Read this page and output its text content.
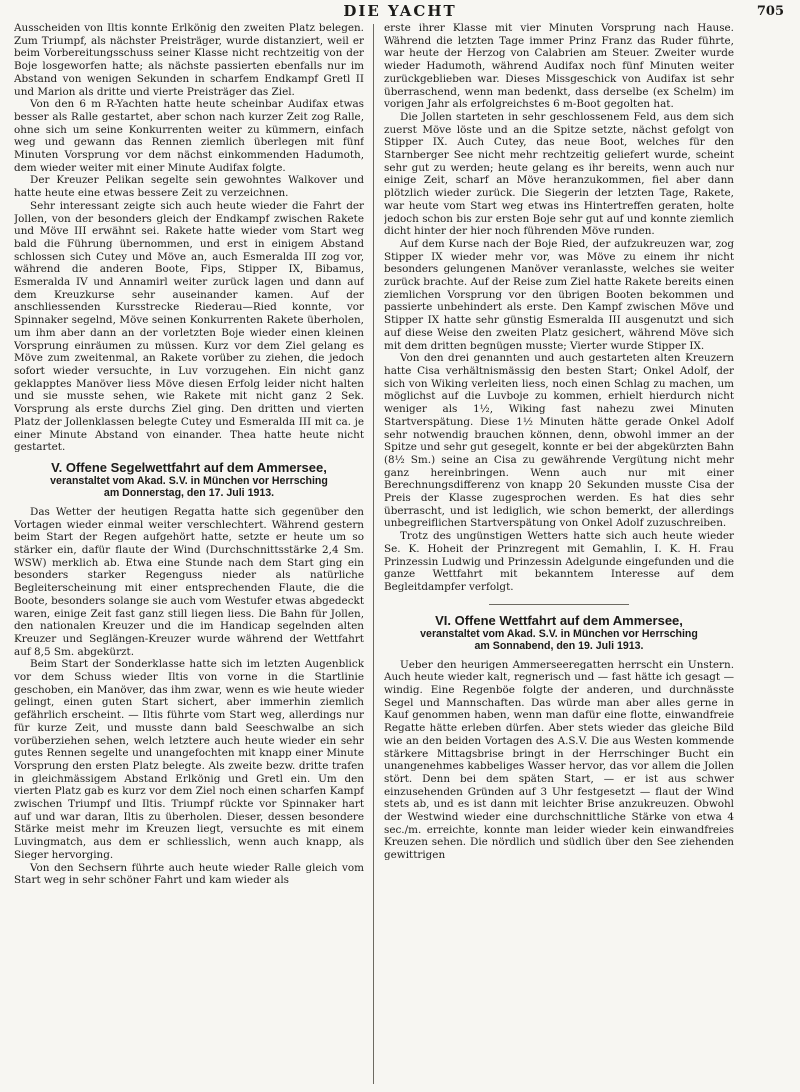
DIE YACHT	705

Ausscheiden von Iltis konnte Erlkönig den zweiten Platz belegen. Zum Triumpf, als nächster Preisträger, wurde distanziert, weil er beim Vorbereitungsschuss seiner Klasse nicht rechtzeitig von der Boje losgeworfen hatte; als nächste passierten ebenfalls nur im Abstand von wenigen Sekunden in scharfem Endkampf Gretl II und Marion als dritte und vierte Preisträger das Ziel.

Von den 6 m R-Yachten hatte heute scheinbar Audifax etwas besser als Ralle gestartet, aber schon nach kurzer Zeit zog Ralle, ohne sich um seine Konkurrenten weiter zu kümmern, einfach weg und gewann das Rennen ziemlich überlegen mit fünf Minuten Vorsprung vor dem nächst einkommenden Hadumoth, dem wieder weiter mit einer Minute Audifax folgte.

Der Kreuzer Pelikan segelte sein gewohntes Walkover und hatte heute eine etwas bessere Zeit zu verzeichnen.

Sehr interessant zeigte sich auch heute wieder die Fahrt der Jollen, von der besonders gleich der Endkampf zwischen Rakete und Möve III erwähnt sei. Rakete hatte wieder vom Start weg bald die Führung übernommen, und erst in einigem Abstand schlossen sich Cutey und Möve an, auch Esmeralda III zog vor, während die anderen Boote, Fips, Stipper IX, Bibamus, Esmeralda IV und Annamirl weiter zurück lagen und dann auf dem Kreuzkurse sehr auseinander kamen. Auf der anschliessenden Kursstrecke Riederau—Ried konnte, vor Spinnaker segelnd, Möve seinen Konkurrenten Rakete überholen, um ihm aber dann an der vorletzten Boje wieder einen kleinen Vorsprung einräumen zu müssen. Kurz vor dem Ziel gelang es Möve zum zweitenmal, an Rakete vorüber zu ziehen, die jedoch sofort wieder versuchte, in Luv vorzugehen. Ein nicht ganz geklapptes Manöver liess Möve diesen Erfolg leider nicht halten und sie musste sehen, wie Rakete mit nicht ganz 2 Sek. Vorsprung als erste durchs Ziel ging. Den dritten und vierten Platz der Jollenklassen belegte Cutey und Esmeralda III mit ca. je einer Minute Abstand von einander. Thea hatte heute nicht gestartet.

V. Offene Segelwettfahrt auf dem Ammersee,
veranstaltet vom Akad. S.V. in München vor Herrsching
am Donnerstag, den 17. Juli 1913.

Das Wetter der heutigen Regatta hatte sich gegenüber den Vortagen wieder einmal weiter verschlechtert. Während gestern beim Start der Regen aufgehört hatte, setzte er heute um so stärker ein, dafür flaute der Wind (Durchschnittsstärke 2,4 Sm. WSW) merklich ab. Etwa eine Stunde nach dem Start ging ein besonders starker Regenguss nieder als natürliche Begleiterscheinung mit einer entsprechenden Flaute, die die Boote, besonders solange sie auch vom Westufer etwas abgedeckt waren, einige Zeit fast ganz still liegen liess. Die Bahn für Jollen, den nationalen Kreuzer und die im Handicap segelnden alten Kreuzer und Seglängen-Kreuzer wurde während der Wettfahrt auf 8,5 Sm. abgekürzt.

Beim Start der Sonderklasse hatte sich im letzten Augenblick vor dem Schuss wieder Iltis von vorne in die Startlinie geschoben, ein Manöver, das ihm zwar, wenn es wie heute wieder gelingt, einen guten Start sichert, aber immerhin ziemlich gefährlich erscheint. — Iltis führte vom Start weg, allerdings nur für kurze Zeit, und musste dann bald Seeschwalbe an sich vorüberziehen sehen, welch letztere auch heute wieder ein sehr gutes Rennen segelte und unangefochten mit knapp einer Minute Vorsprung den ersten Platz belegte. Als zweite bezw. dritte trafen in gleichmässigem Abstand Erlkönig und Gretl ein. Um den vierten Platz gab es kurz vor dem Ziel noch einen scharfen Kampf zwischen Triumpf und Iltis. Triumpf rückte vor Spinnaker hart auf und war daran, Iltis zu überholen. Dieser, dessen besondere Stärke meist mehr im Kreuzen liegt, versuchte es mit einem Luvingmatch, aus dem er schliesslich, wenn auch knapp, als Sieger hervorging.

Von den Sechsern führte auch heute wieder Ralle gleich vom Start weg in sehr schöner Fahrt und kam wieder als

erste ihrer Klasse mit vier Minuten Vorsprung nach Hause. Während die letzten Tage immer Prinz Franz das Ruder führte, war heute der Herzog von Calabrien am Steuer. Zweiter wurde wieder Hadumoth, während Audifax noch fünf Minuten weiter zurückgeblieben war. Dieses Missgeschick von Audifax ist sehr überraschend, wenn man bedenkt, dass derselbe (ex Schelm) im vorigen Jahr als erfolgreichstes 6 m-Boot gegolten hat.

Die Jollen starteten in sehr geschlossenem Feld, aus dem sich zuerst Möve löste und an die Spitze setzte, nächst gefolgt von Stipper IX. Auch Cutey, das neue Boot, welches für den Starnberger See nicht mehr rechtzeitig geliefert wurde, scheint sehr gut zu werden; heute gelang es ihr bereits, wenn auch nur einige Zeit, scharf an Möve heranzukommen, fiel aber dann plötzlich wieder zurück. Die Siegerin der letzten Tage, Rakete, war heute vom Start weg etwas ins Hintertreffen geraten, holte jedoch schon bis zur ersten Boje sehr gut auf und konnte ziemlich dicht hinter der hier noch führenden Möve runden.

Auf dem Kurse nach der Boje Ried, der aufzukreuzen war, zog Stipper IX wieder mehr vor, was Möve zu einem ihr nicht besonders gelungenen Manöver veranlasste, welches sie weiter zurück brachte. Auf der Reise zum Ziel hatte Rakete bereits einen ziemlichen Vorsprung vor den übrigen Booten bekommen und passierte unbehindert als erste. Den Kampf zwischen Möve und Stipper IX hatte sehr günstig Esmeralda III ausgenutzt und sich auf diese Weise den zweiten Platz gesichert, während Möve sich mit dem dritten begnügen musste; Vierter wurde Stipper IX.

Von den drei genannten und auch gestarteten alten Kreuzern hatte Cisa verhältnismässig den besten Start; Onkel Adolf, der sich von Wiking verleiten liess, noch einen Schlag zu machen, um möglichst auf die Luvboje zu kommen, erhielt hierdurch nicht weniger als 1½, Wiking fast nahezu zwei Minuten Startverspätung. Diese 1½ Minuten hätte gerade Onkel Adolf sehr notwendig brauchen können, denn, obwohl immer an der Spitze und sehr gut gesegelt, konnte er bei der abgekürzten Bahn (8½ Sm.) seine an Cisa zu gewährende Vergütung nicht mehr ganz hereinbringen. Wenn auch nur mit einer Berechnungsdifferenz von knapp 20 Sekunden musste Cisa der Preis der Klasse zugesprochen werden. Es hat dies sehr überrascht, und ist lediglich, wie schon bemerkt, der allerdings unbegreiflichen Startverspätung von Onkel Adolf zuzuschreiben.

Trotz des ungünstigen Wetters hatte sich auch heute wieder Se. K. Hoheit der Prinzregent mit Gemahlin, I. K. H. Frau Prinzessin Ludwig und Prinzessin Adelgunde eingefunden und die ganze Wettfahrt mit bekanntem Interesse auf dem Begleitdampfer verfolgt.

VI. Offene Wettfahrt auf dem Ammersee,
veranstaltet vom Akad. S.V. in München vor Herrsching
am Sonnabend, den 19. Juli 1913.

Ueber den heurigen Ammerseeregatten herrscht ein Unstern. Auch heute wieder kalt, regnerisch und — fast hätte ich gesagt — windig. Eine Regenböe folgte der anderen, und durchnässte Segel und Mannschaften. Das würde man aber alles gerne in Kauf genommen haben, wenn man dafür eine flotte, einwandfreie Regatte hätte erleben dürfen. Aber stets wieder das gleiche Bild wie an den beiden Vortagen des A.S.V. Die aus Westen kommende stärkere Mittagsbrise bringt in der Herrschinger Bucht ein unangenehmes kabbeliges Wasser hervor, das vor allem die Jollen stört. Denn bei dem späten Start, — er ist aus schwer einzusehenden Gründen auf 3 Uhr festgesetzt — flaut der Wind stets ab, und es ist dann mit leichter Brise anzukreuzen. Obwohl der Westwind wieder eine durchschnittliche Stärke von etwa 4 sec./m. erreichte, konnte man leider wieder kein einwandfreies Kreuzen sehen. Die nördlich und südlich über den See ziehenden gewittrigen
